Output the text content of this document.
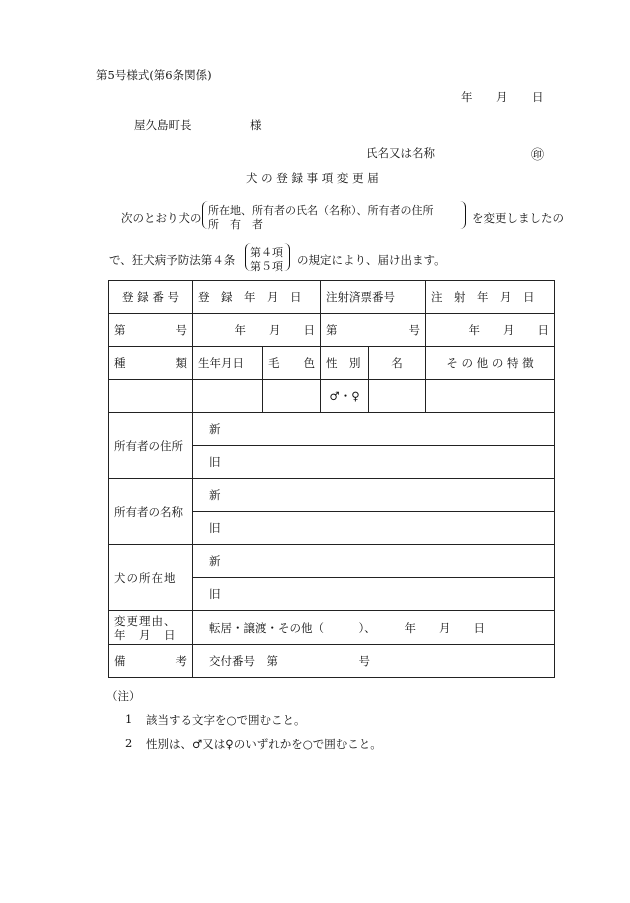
第5号様式(第6条関係)
年 月 日
屋久島町長	様
氏名又は名称	㊞
犬 の 登 録 事 項 変 更 届
次のとおり犬の
所在地、所有者の氏名（名称）、所有者の住所
所　有　者	を変更しましたの
で、狂犬病予防法第４条
第４項
第５項 の規定により、届け出ます。
登 録 番 号	登　録　年　月　日		注射済票番号		注　射　年　月　日

第 号	年　　月　　日		第 号		年　　月　　日

種 類	生年月日	毛 色	性　別	名	そ の 他 の 特 徴
			♂・♀		
所有者の住所	新				
	旧				
所有者の名称	新				
	旧				
犬の所在地	新				
	旧				

変更理由、
年　月　日	転居・譲渡・その他（　　　）、　　　年　　月　　日				

備 考	交付番号　第　　　　　　　号				
（注）
1 該当する文字を○で囲むこと。
2 性別は、♂又は♀のいずれかを○で囲むこと。
